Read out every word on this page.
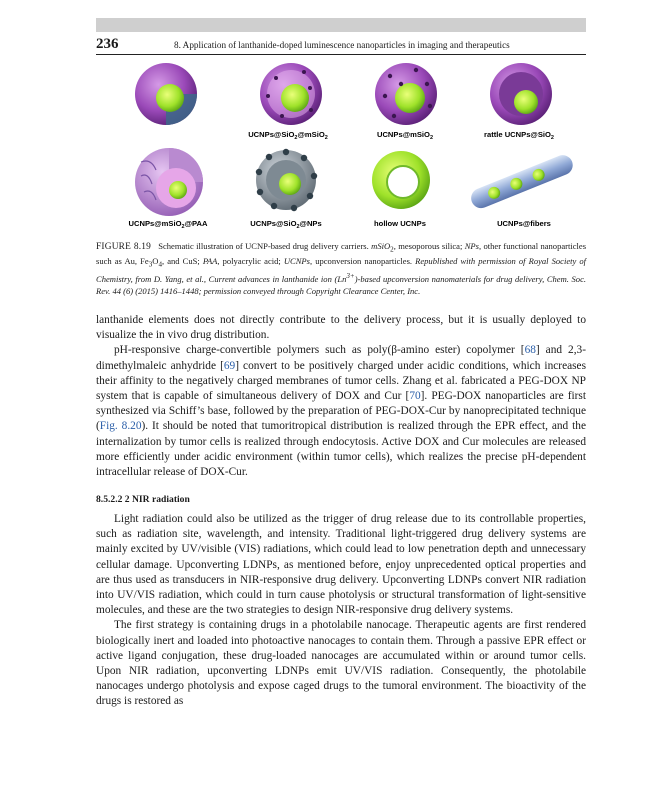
236	8. Application of lanthanide-doped luminescence nanoparticles in imaging and therapeutics
UCNPs@SiO$_2$@mSiO$_2$	UCNPs@mSiO$_2$	rattle UCNPs@SiO$_2$
UCNPs@mSiO$_2$@PAA	UCNPs@SiO$_2$@NPs	hollow UCNPs	UCNPs@fibers
FIGURE 8.19 Schematic illustration of UCNP-based drug delivery carriers. mSiO$_2$, mesoporous silica; NPs, other functional nanoparticles such as Au, $Fe_3O_4$, and CuS; PAA, polyacrylic acid; UCNPs, upconversion nanoparticles. Republished with permission of Royal Society of Chemistry, from D. Yang, et al., Current advances in lanthanide ion $(Ln^{3+})$-based upconversion nanomaterials for drug delivery, Chem. Soc. Rev. 44 (6) (2015) 1416–1448; permission conveyed through Copyright Clearance Center, Inc.

lanthanide elements does not directly contribute to the delivery process, but it is usually deployed to visualize the in vivo drug distribution.

pH-responsive charge-convertible polymers such as poly(β-amino ester) copolymer [68] and 2,3-dimethylmaleic anhydride [69] convert to be positively charged under acidic conditions, which increases their affinity to the negatively charged membranes of tumor cells. Zhang et al. fabricated a PEG-DOX NP system that is capable of simultaneous delivery of DOX and Cur [70]. PEG-DOX nanoparticles are first synthesized via Schiff’s base, followed by the preparation of PEG-DOX-Cur by nanoprecipitated technique (Fig. 8.20). It should be noted that tumoritropical distribution is realized through the EPR effect, and the internalization by tumor cells is realized through endocytosis. Active DOX and Cur molecules are released more efficiently under acidic environment (within tumor cells), which realizes the precise pH-dependent intracellular release of DOX-Cur.

8.5.2.2 2 NIR radiation

Light radiation could also be utilized as the trigger of drug release due to its controllable properties, such as radiation site, wavelength, and intensity. Traditional light-triggered drug delivery systems are mainly excited by UV/visible (VIS) radiations, which could lead to low penetration depth and unnecessary cellular damage. Upconverting LDNPs, as mentioned before, enjoy unprecedented optical properties and are thus used as transducers in NIR-responsive drug delivery. Upconverting LDNPs convert NIR radiation into UV/VIS radiation, which could in turn cause photolysis or structural transformation of light-sensitive molecules, and these are the two strategies to design NIR-responsive drug delivery systems.

The first strategy is containing drugs in a photolabile nanocage. Therapeutic agents are first rendered biologically inert and loaded into photoactive nanocages to contain them. Through a passive EPR effect or active ligand conjugation, these drug-loaded nanocages are accumulated within or around tumor cells. Upon NIR radiation, upconverting LDNPs emit UV/VIS radiation. Consequently, the photolabile nanocages undergo photolysis and expose caged drugs to the tumoral environment. The bioactivity of the drugs is restored as
